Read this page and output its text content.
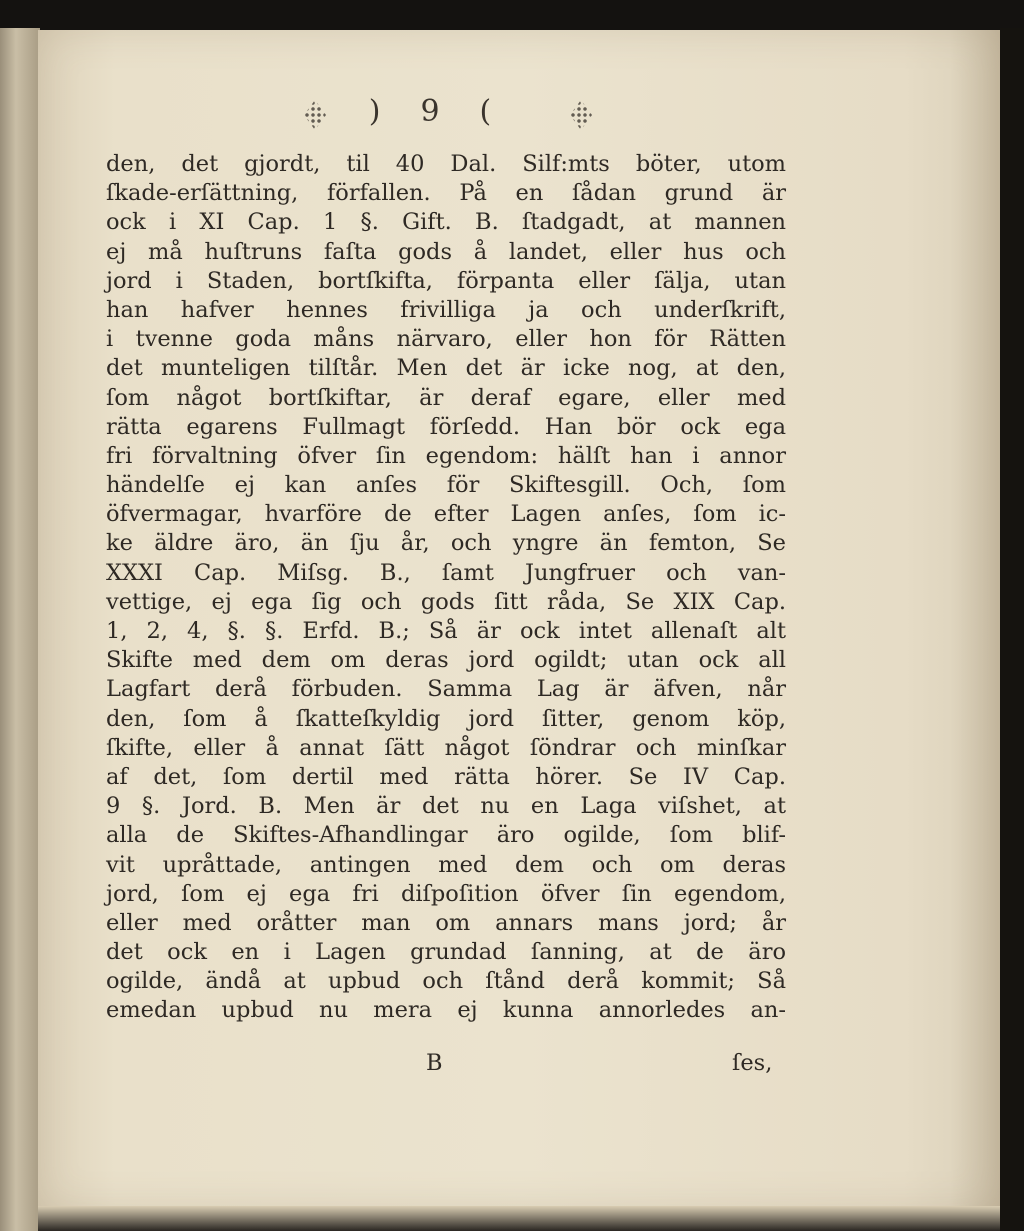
)9(
den, det gjordt, til 40 Dal. Silf:mts böter, utom
ſkade-erſättning, förfallen. På en ſådan grund är
ock i XI Cap. 1 §. Gift. B. ſtadgadt, at mannen
ej må huſtruns faſta gods å landet, eller hus och
jord i Staden, bortſkifta, förpanta eller ſälja, utan
han hafver hennes frivilliga ja och underſkrift,
i tvenne goda måns närvaro, eller hon för Rätten
det munteligen tilſtår. Men det är icke nog, at den,
ſom något bortſkiftar, är deraf egare, eller med
rätta egarens Fullmagt förſedd. Han bör ock ega
fri förvaltning öfver ſin egendom: hälſt han i annor
händelſe ej kan anſes för Skiftesgill. Och, ſom
öfvermagar, hvarföre de efter Lagen anſes, ſom ic-
ke äldre äro, än ſju år, och yngre än femton, Se
XXXI Cap. Miſsg. B., ſamt Jungfruer och van-
vettige, ej ega ſig och gods ſitt råda, Se XIX Cap.
1, 2, 4, §. §. Erfd. B.; Så är ock intet allenaſt alt
Skifte med dem om deras jord ogildt; utan ock all
Lagfart derå förbuden. Samma Lag är äfven, når
den, ſom å ſkatteſkyldig jord ſitter, genom köp,
ſkifte, eller å annat ſätt något ſöndrar och minſkar
af det, ſom dertil med rätta hörer. Se IV Cap.
9 §. Jord. B. Men är det nu en Laga viſshet, at
alla de Skiftes-Afhandlingar äro ogilde, ſom blif-
vit upråttade, antingen med dem och om deras
jord, ſom ej ega fri diſpoſition öfver ſin egendom,
eller med oråtter man om annars mans jord; år
det ock en i Lagen grundad ſanning, at de äro
ogilde, ändå at upbud och ſtånd derå kommit; Så
emedan upbud nu mera ej kunna annorledes an-
B	ſes,
